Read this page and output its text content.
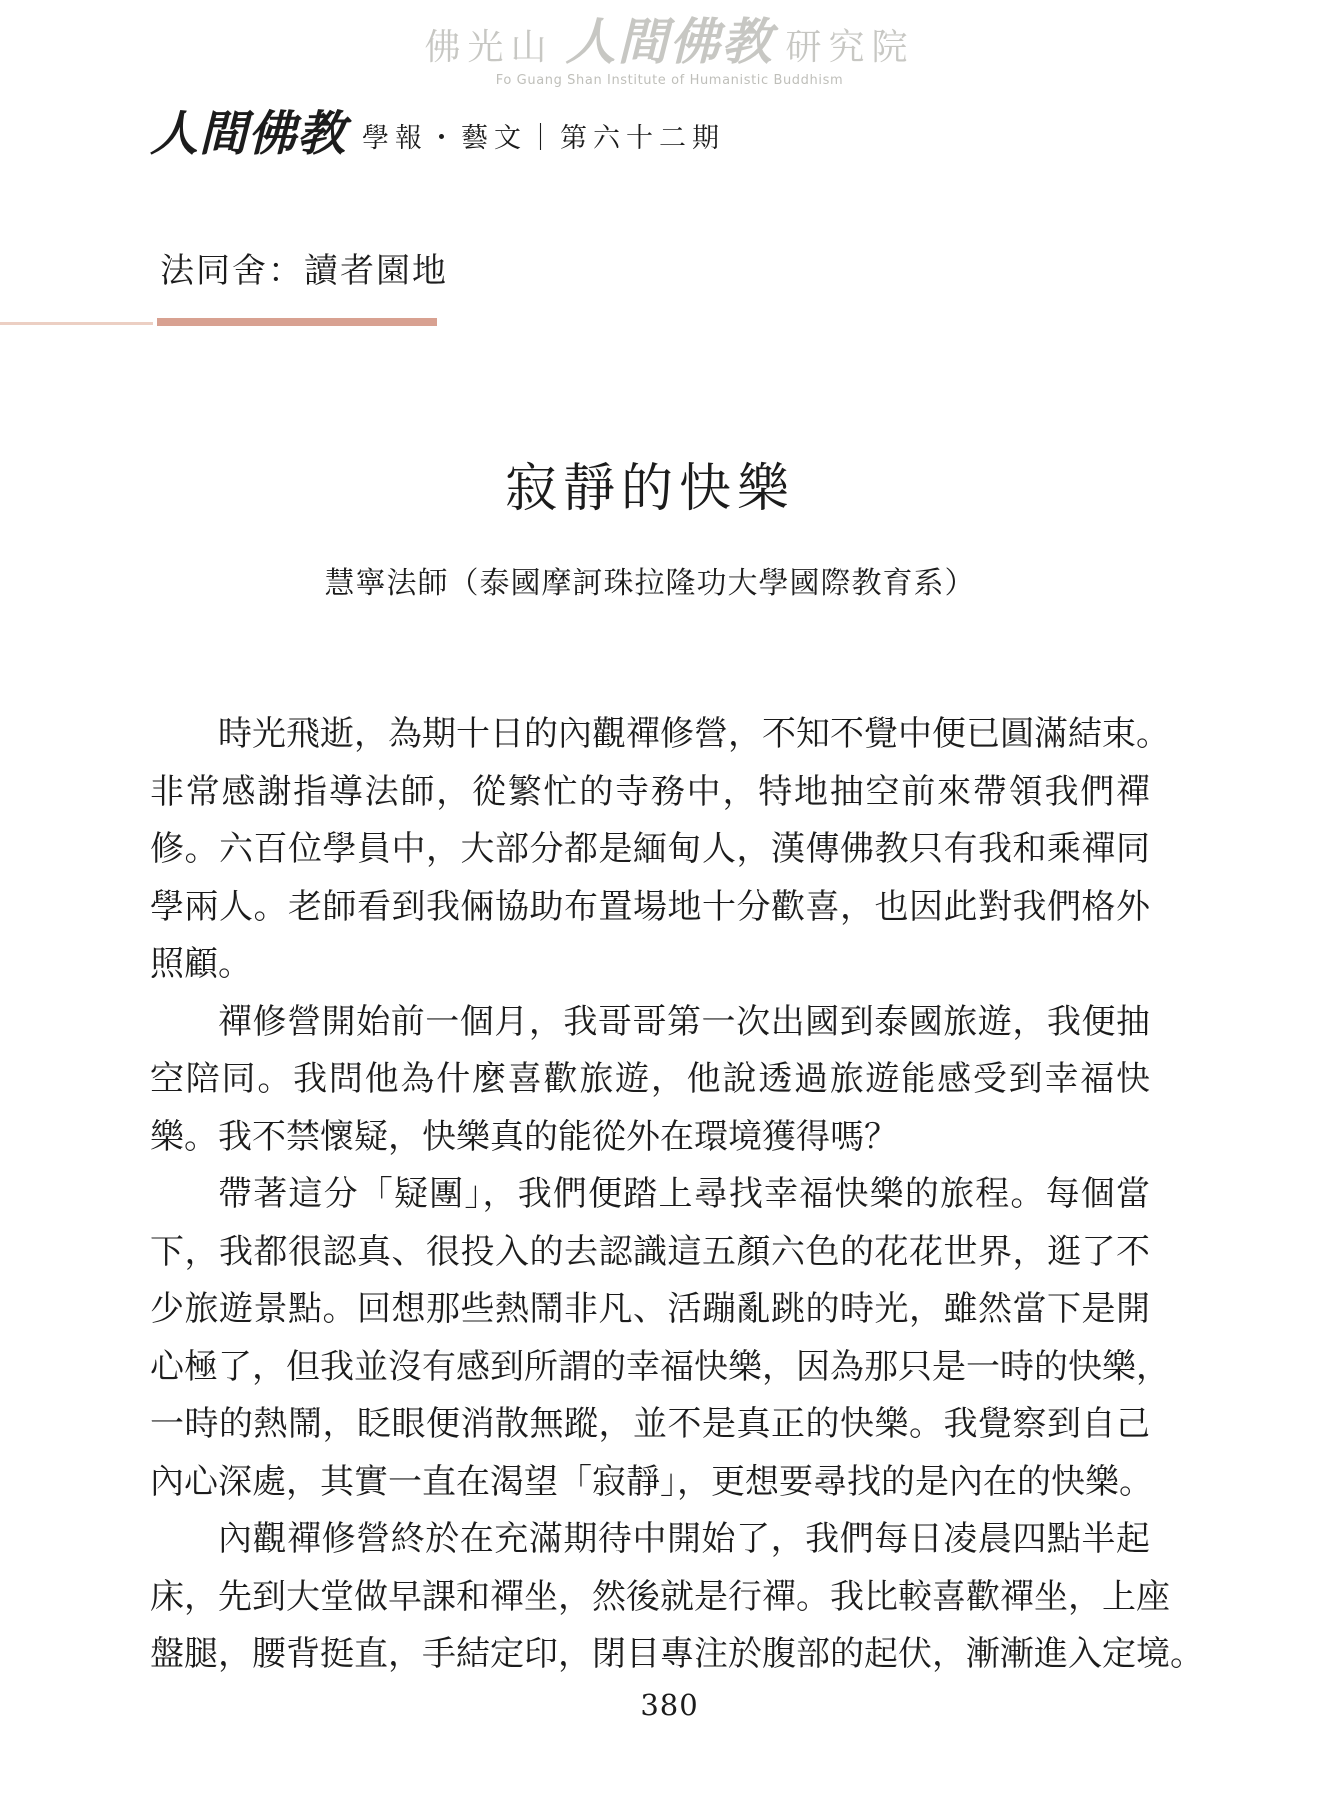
佛光山 人間佛教 研究院
Fo Guang Shan Institute of Humanistic Buddhism
人間佛教 學報・藝文｜第六十二期
法同舍：讀者園地
寂靜的快樂
慧寧法師（泰國摩訶珠拉隆功大學國際教育系）
時光飛逝，為期十日的內觀禪修營，不知不覺中便已圓滿結束。
非常感謝指導法師，從繁忙的寺務中，特地抽空前來帶領我們禪
修。六百位學員中，大部分都是緬甸人，漢傳佛教只有我和乘禪同
學兩人。老師看到我倆協助布置場地十分歡喜，也因此對我們格外
照顧。
禪修營開始前一個月，我哥哥第一次出國到泰國旅遊，我便抽
空陪同。我問他為什麼喜歡旅遊，他說透過旅遊能感受到幸福快
樂。我不禁懷疑，快樂真的能從外在環境獲得嗎？
帶著這分「疑團」，我們便踏上尋找幸福快樂的旅程。每個當
下，我都很認真、很投入的去認識這五顏六色的花花世界，逛了不
少旅遊景點。回想那些熱鬧非凡、活蹦亂跳的時光，雖然當下是開
心極了，但我並沒有感到所謂的幸福快樂，因為那只是一時的快樂，
一時的熱鬧，眨眼便消散無蹤，並不是真正的快樂。我覺察到自己
內心深處，其實一直在渴望「寂靜」，更想要尋找的是內在的快樂。
內觀禪修營終於在充滿期待中開始了，我們每日凌晨四點半起
床，先到大堂做早課和禪坐，然後就是行禪。我比較喜歡禪坐，上座
盤腿，腰背挺直，手結定印，閉目專注於腹部的起伏，漸漸進入定境。
380
